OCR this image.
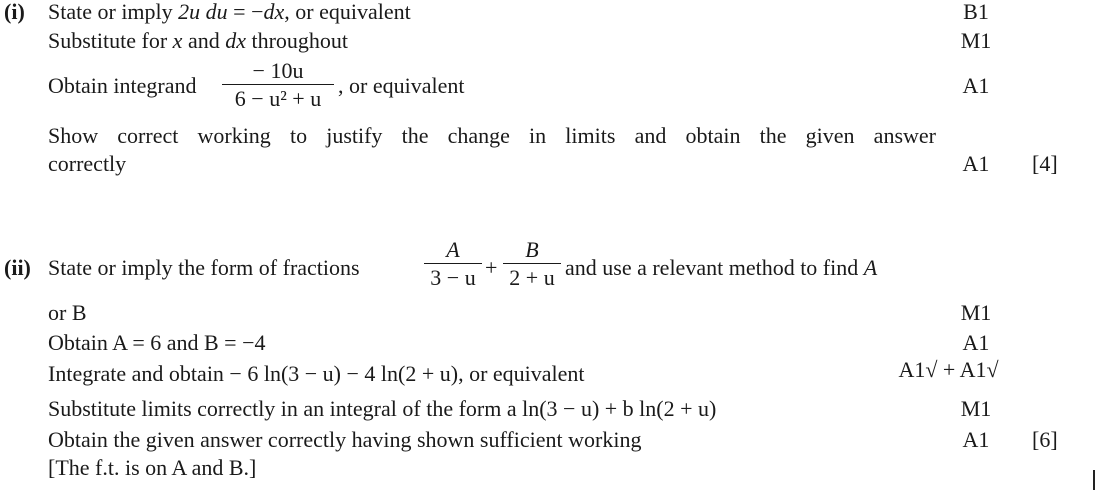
(i) State or imply 2u du = −dx, or equivalent	B1
Substitute for x and dx throughout	M1
Obtain integrand
− 10u
6 − u² + u
, or equivalent	A1
Show correct working to justify the change in limits and obtain the given answer
correctly	A1	[4]
(ii) State or imply the form of fractions
A
3 − u +
B
2 + u and use a relevant method to find A
or B	M1
Obtain A = 6 and B = −4	A1
Integrate and obtain − 6 ln(3 − u) − 4 ln(2 + u), or equivalent	A1√ + A1√
Substitute limits correctly in an integral of the form a ln(3 − u) + b ln(2 + u)	M1
Obtain the given answer correctly having shown sufficient working	A1	[6]
[The f.t. is on A and B.]
